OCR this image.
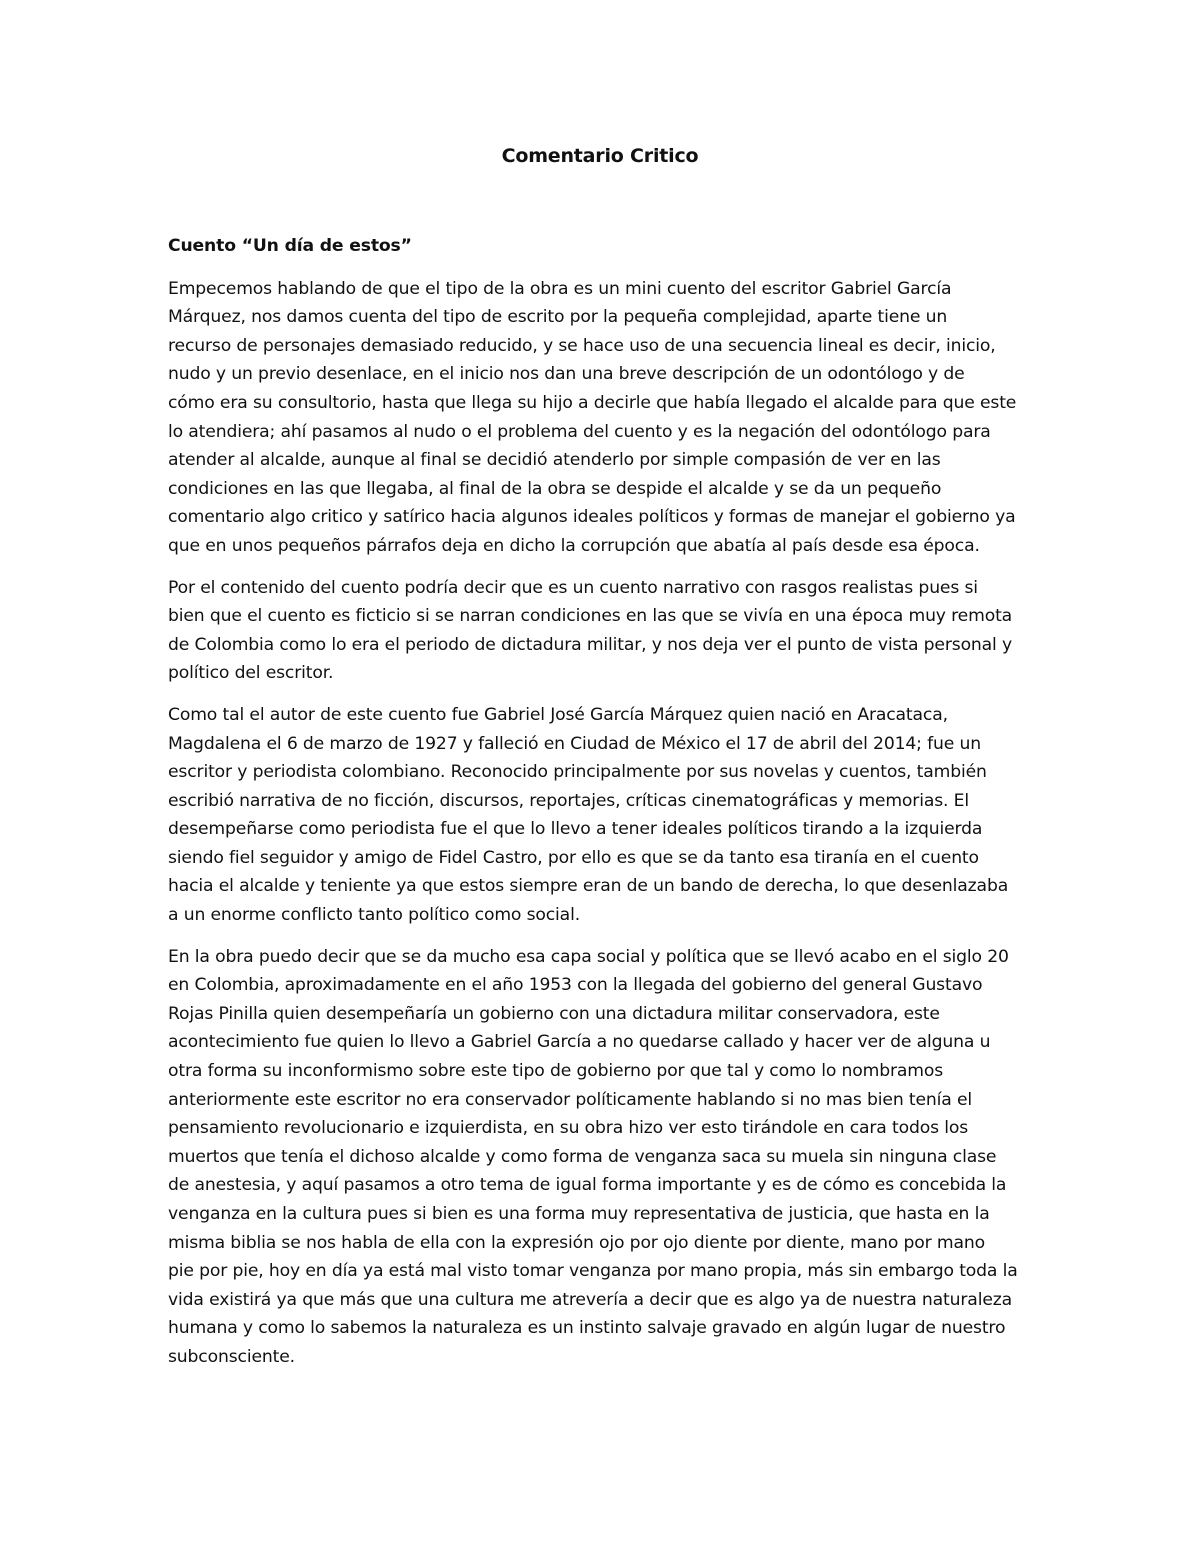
Comentario Critico
Cuento “Un día de estos”
Empecemos hablando de que el tipo de la obra es un mini cuento del escritor Gabriel García
Márquez, nos damos cuenta del tipo de escrito por la pequeña complejidad, aparte tiene un
recurso de personajes demasiado reducido, y se hace uso de una secuencia lineal es decir, inicio,
nudo y un previo desenlace, en el inicio nos dan una breve descripción de un odontólogo y de
cómo era su consultorio, hasta que llega su hijo a decirle que había llegado el alcalde para que este
lo atendiera; ahí pasamos al nudo o el problema del cuento y es la negación del odontólogo para
atender al alcalde, aunque al final se decidió atenderlo por simple compasión de ver en las
condiciones en las que llegaba, al final de la obra se despide el alcalde y se da un pequeño
comentario algo critico y satírico hacia algunos ideales políticos y formas de manejar el gobierno ya
que en unos pequeños párrafos deja en dicho la corrupción que abatía al país desde esa época.
Por el contenido del cuento podría decir que es un cuento narrativo con rasgos realistas pues si
bien que el cuento es ficticio si se narran condiciones en las que se vivía en una época muy remota
de Colombia como lo era el periodo de dictadura militar, y nos deja ver el punto de vista personal y
político del escritor.
Como tal el autor de este cuento fue Gabriel José García Márquez quien nació en Aracataca,
Magdalena el 6 de marzo de 1927 y falleció en Ciudad de México el 17 de abril del 2014; fue un
escritor y periodista colombiano. Reconocido principalmente por sus novelas y cuentos, también
escribió narrativa de no ficción, discursos, reportajes, críticas cinematográficas y memorias. El
desempeñarse como periodista fue el que lo llevo a tener ideales políticos tirando a la izquierda
siendo fiel seguidor y amigo de Fidel Castro, por ello es que se da tanto esa tiranía en el cuento
hacia el alcalde y teniente ya que estos siempre eran de un bando de derecha, lo que desenlazaba
a un enorme conflicto tanto político como social.
En la obra puedo decir que se da mucho esa capa social y política que se llevó acabo en el siglo 20
en Colombia, aproximadamente en el año 1953 con la llegada del gobierno del general Gustavo
Rojas Pinilla quien desempeñaría un gobierno con una dictadura militar conservadora, este
acontecimiento fue quien lo llevo a Gabriel García a no quedarse callado y hacer ver de alguna u
otra forma su inconformismo sobre este tipo de gobierno por que tal y como lo nombramos
anteriormente este escritor no era conservador políticamente hablando si no mas bien tenía el
pensamiento revolucionario e izquierdista, en su obra hizo ver esto tirándole en cara todos los
muertos que tenía el dichoso alcalde y como forma de venganza saca su muela sin ninguna clase
de anestesia, y aquí pasamos a otro tema de igual forma importante y es de cómo es concebida la
venganza en la cultura pues si bien es una forma muy representativa de justicia, que hasta en la
misma biblia se nos habla de ella con la expresión ojo por ojo diente por diente, mano por mano
pie por pie, hoy en día ya está mal visto tomar venganza por mano propia, más sin embargo toda la
vida existirá ya que más que una cultura me atrevería a decir que es algo ya de nuestra naturaleza
humana y como lo sabemos la naturaleza es un instinto salvaje gravado en algún lugar de nuestro
subconsciente.
